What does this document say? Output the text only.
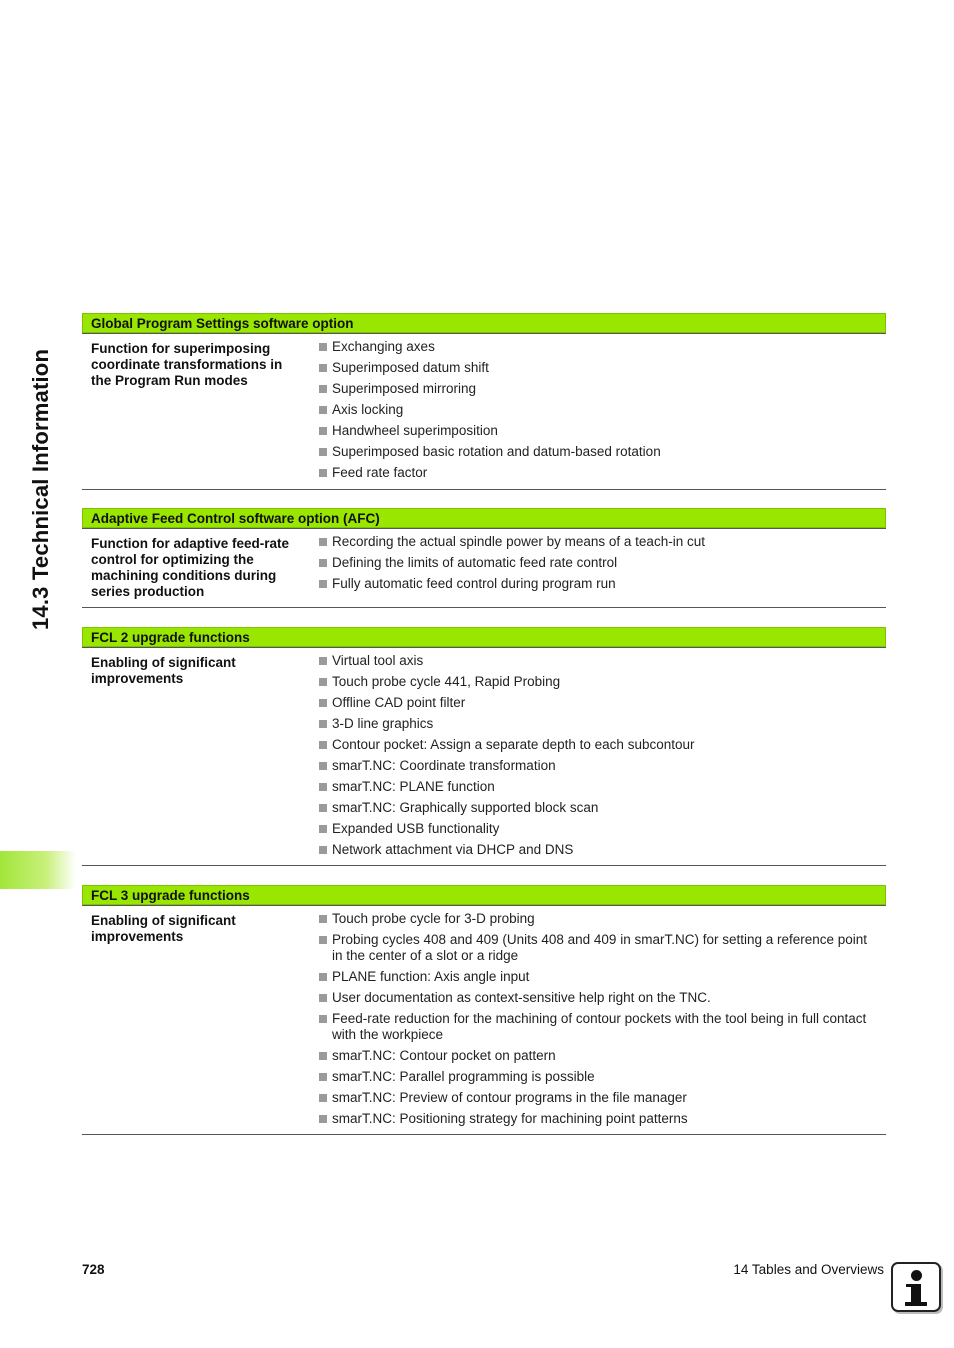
14.3 Technical Information
Global Program Settings software option
Function for superimposing coordinate transformations in the Program Run modes
Exchanging axes
Superimposed datum shift
Superimposed mirroring
Axis locking
Handwheel superimposition
Superimposed basic rotation and datum-based rotation
Feed rate factor
Adaptive Feed Control software option (AFC)
Function for adaptive feed-rate control for optimizing the machining conditions during series production
Recording the actual spindle power by means of a teach-in cut
Defining the limits of automatic feed rate control
Fully automatic feed control during program run
FCL 2 upgrade functions
Enabling of significant improvements
Virtual tool axis
Touch probe cycle 441, Rapid Probing
Offline CAD point filter
3-D line graphics
Contour pocket: Assign a separate depth to each subcontour
smarT.NC: Coordinate transformation
smarT.NC: PLANE function
smarT.NC: Graphically supported block scan
Expanded USB functionality
Network attachment via DHCP and DNS
FCL 3 upgrade functions
Enabling of significant improvements
Touch probe cycle for 3-D probing
Probing cycles 408 and 409 (Units 408 and 409 in smarT.NC) for setting a reference point in the center of a slot or a ridge
PLANE function: Axis angle input
User documentation as context-sensitive help right on the TNC.
Feed-rate reduction for the machining of contour pockets with the tool being in full contact with the workpiece
smarT.NC: Contour pocket on pattern
smarT.NC: Parallel programming is possible
smarT.NC: Preview of contour programs in the file manager
smarT.NC: Positioning strategy for machining point patterns
728	14 Tables and Overviews
